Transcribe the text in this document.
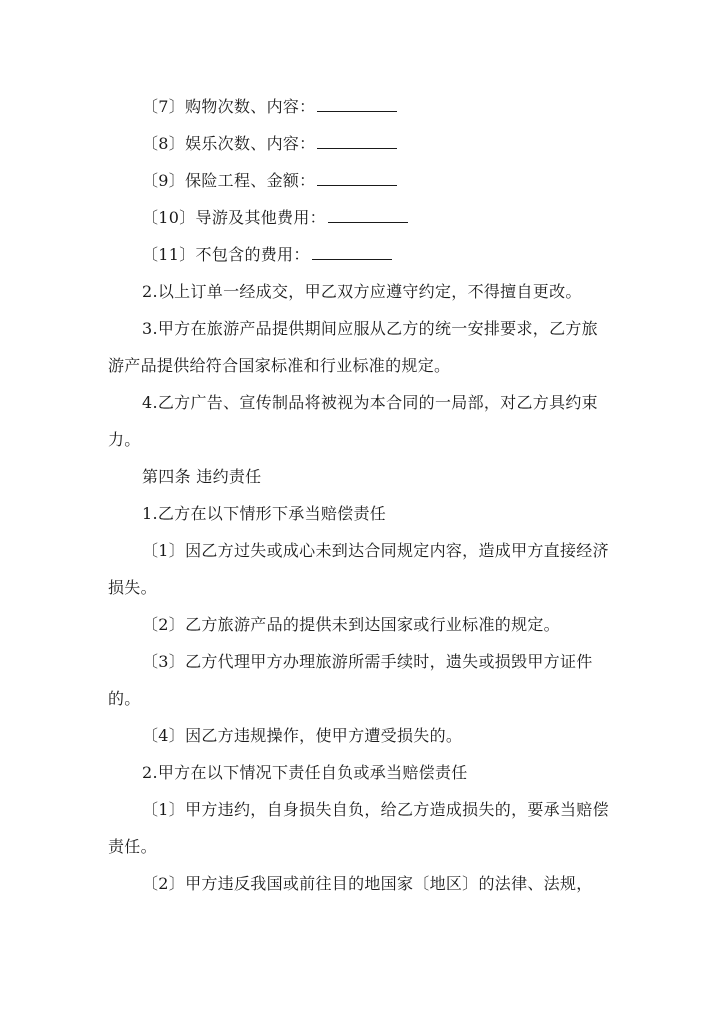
〔7〕购物次数、内容：

〔8〕娱乐次数、内容：

〔9〕保险工程、金额：

〔10〕导游及其他费用：

〔11〕不包含的费用：

2.以上订单一经成交，甲乙双方应遵守约定，不得擅自更改。

3.甲方在旅游产品提供期间应服从乙方的统一安排要求，乙方旅游产品提供给符合国家标准和行业标准的规定。

4.乙方广告、宣传制品将被视为本合同的一局部，对乙方具约束力。

第四条 违约责任

1.乙方在以下情形下承当赔偿责任

〔1〕因乙方过失或成心未到达合同规定内容，造成甲方直接经济损失。

〔2〕乙方旅游产品的提供未到达国家或行业标准的规定。

〔3〕乙方代理甲方办理旅游所需手续时，遗失或损毁甲方证件的。

〔4〕因乙方违规操作，使甲方遭受损失的。

2.甲方在以下情况下责任自负或承当赔偿责任

〔1〕甲方违约，自身损失自负，给乙方造成损失的，要承当赔偿责任。

〔2〕甲方违反我国或前往目的地国家〔地区〕的法律、法规，
